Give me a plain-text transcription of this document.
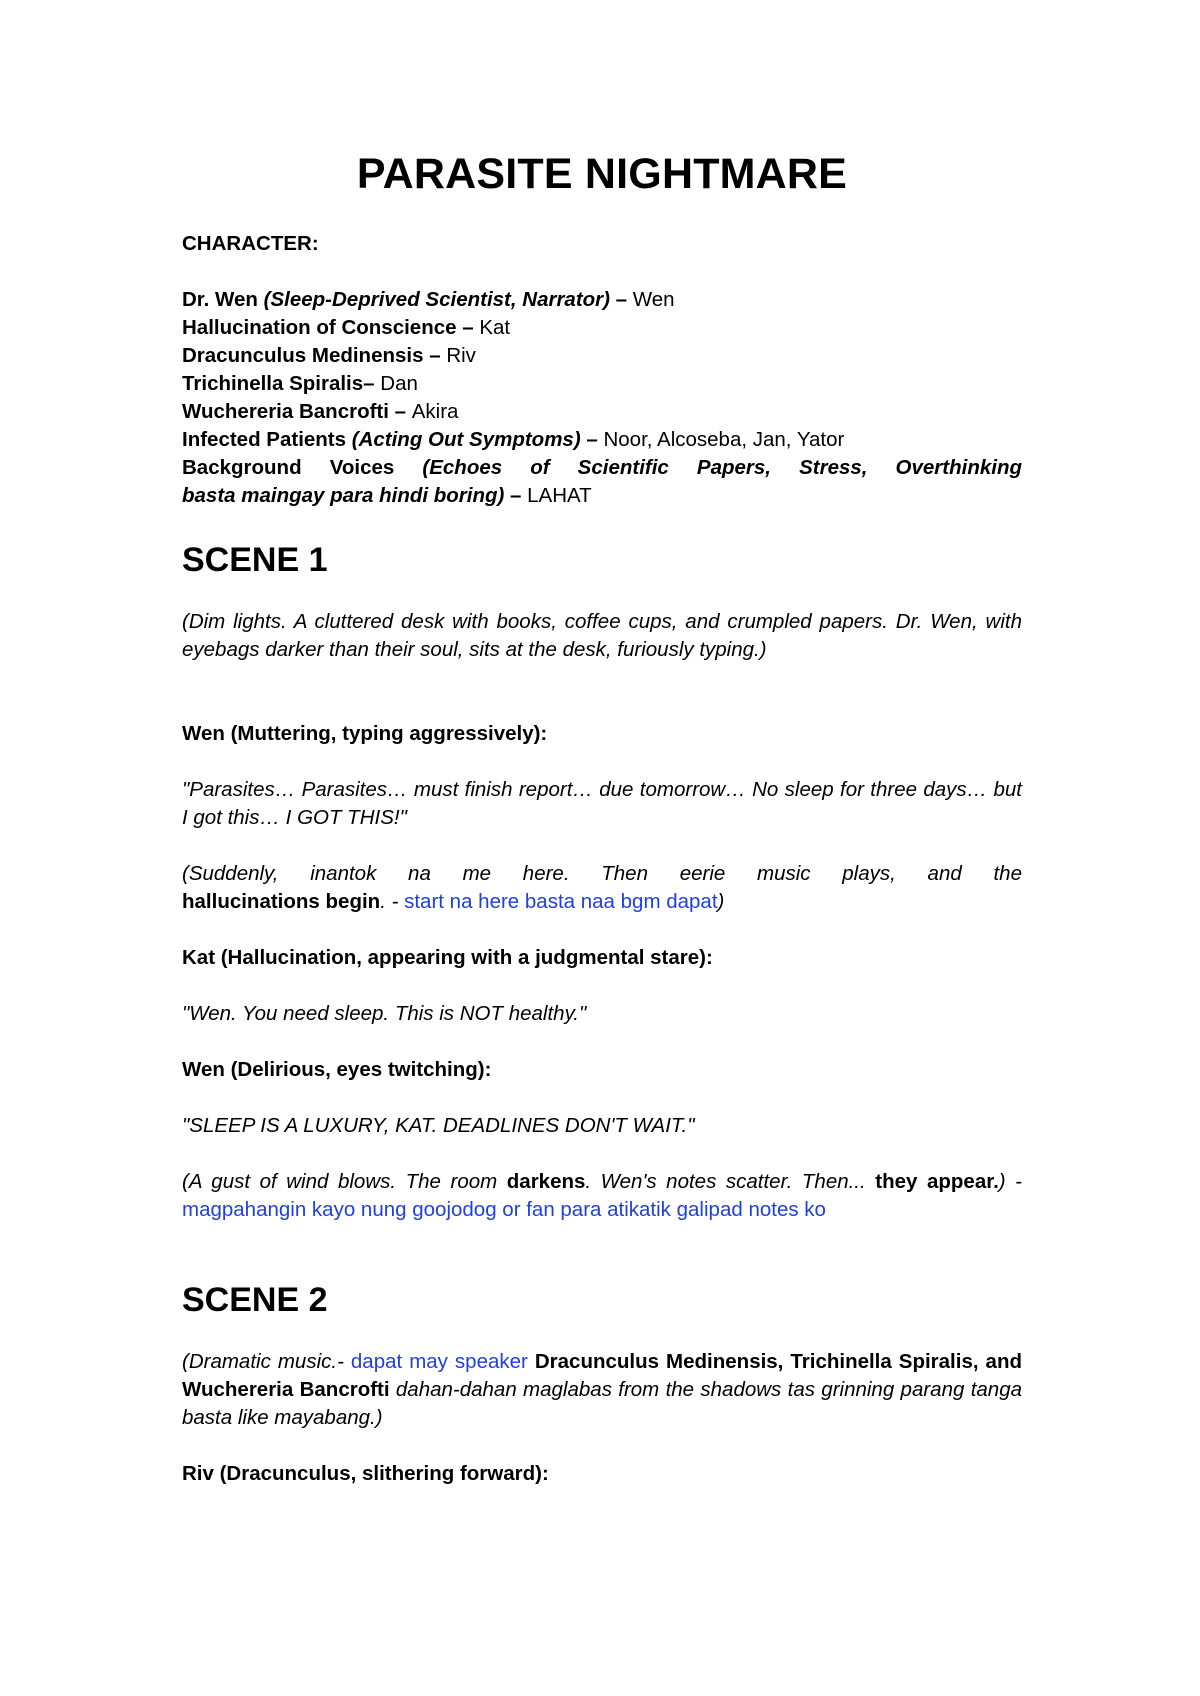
PARASITE NIGHTMARE

CHARACTER:

Dr. Wen (Sleep-Deprived Scientist, Narrator) – Wen

Hallucination of Conscience – Kat

Dracunculus Medinensis – Riv

Trichinella Spiralis– Dan

Wuchereria Bancrofti – Akira

Infected Patients (Acting Out Symptoms) – Noor, Alcoseba, Jan, Yator

Background Voices (Echoes of Scientific Papers, Stress, Overthinking

basta maingay para hindi boring) – LAHAT

SCENE 1

(Dim lights. A cluttered desk with books, coffee cups, and crumpled papers. Dr. Wen, with eyebags darker than their soul, sits at the desk, furiously typing.)

Wen (Muttering, typing aggressively):

"Parasites… Parasites… must finish report… due tomorrow… No sleep for three days… but I got this… I GOT THIS!"

(Suddenly, inantok na me here. Then eerie music plays, and the

hallucinations begin. - start na here basta naa bgm dapat)

Kat (Hallucination, appearing with a judgmental stare):

"Wen. You need sleep. This is NOT healthy."

Wen (Delirious, eyes twitching):

"SLEEP IS A LUXURY, KAT. DEADLINES DON'T WAIT."

(A gust of wind blows. The room darkens. Wen's notes scatter. Then... they appear.) - magpahangin kayo nung goojodog or fan para atikatik galipad notes ko

SCENE 2

(Dramatic music.- dapat may speaker Dracunculus Medinensis, Trichinella Spiralis, and Wuchereria Bancrofti dahan-dahan maglabas from the shadows tas grinning parang tanga basta like mayabang.)

Riv (Dracunculus, slithering forward):
